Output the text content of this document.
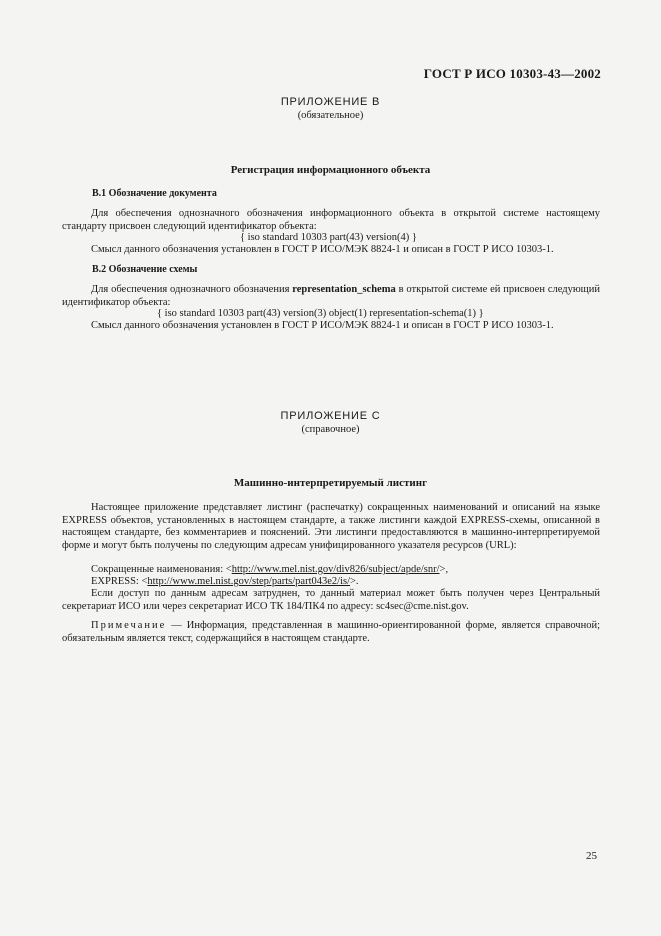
ГОСТ Р ИСО 10303-43—2002
ПРИЛОЖЕНИЕ В
(обязательное)
Регистрация информационного объекта
В.1 Обозначение документа
Для обеспечения однозначного обозначения информационного объекта в открытой системе настоящему стандарту присвоен следующий идентификатор объекта:
{ iso standard 10303 part(43) version(4) }
Смысл данного обозначения установлен в ГОСТ Р ИСО/МЭК 8824-1 и описан в ГОСТ Р ИСО 10303-1.
В.2 Обозначение схемы
Для обеспечения однозначного обозначения representation_schema в открытой системе ей присвоен следующий идентификатор объекта:
{ iso standard 10303 part(43) version(3) object(1) representation-schema(1) }
Смысл данного обозначения установлен в ГОСТ Р ИСО/МЭК 8824-1 и описан в ГОСТ Р ИСО 10303-1.
ПРИЛОЖЕНИЕ С
(справочное)
Машинно-интерпретируемый листинг
Настоящее приложение представляет листинг (распечатку) сокращенных наименований и описаний на языке EXPRESS объектов, установленных в настоящем стандарте, а также листинги каждой EXPRESS-схемы, описанной в настоящем стандарте, без комментариев и пояснений. Эти листинги предоставляются в машинно-интерпретируемой форме и могут быть получены по следующим адресам унифицированного указателя ресурсов (URL):
Сокращенные наименования: <http://www.mel.nist.gov/div826/subject/apde/snr/>,
EXPRESS: <http://www.mel.nist.gov/step/parts/part043e2/is/>.
Если доступ по данным адресам затруднен, то данный материал может быть получен через Центральный секретариат ИСО или через секретариат ИСО ТК 184/ПК4 по адресу: sc4sec@cme.nist.gov.
Примечание — Информация, представленная в машинно-ориентированной форме, является справочной; обязательным является текст, содержащийся в настоящем стандарте.
25
